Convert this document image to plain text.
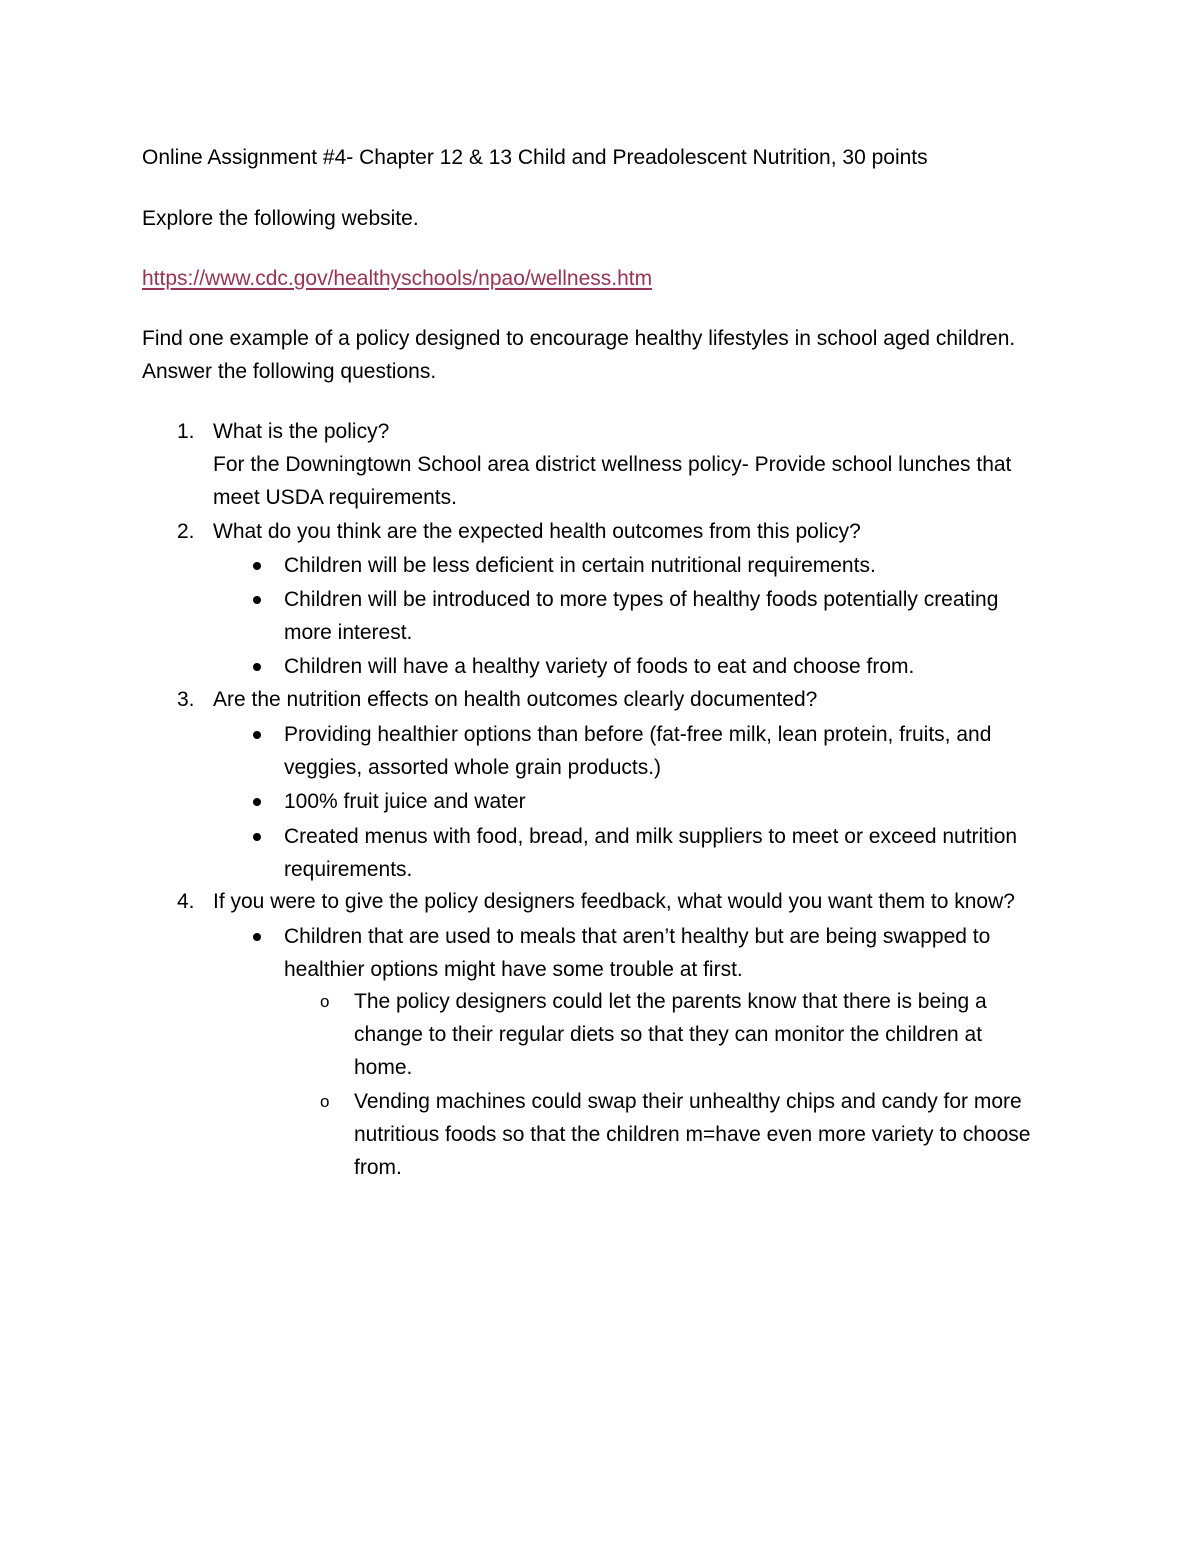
Online Assignment #4- Chapter 12 & 13 Child and Preadolescent Nutrition, 30 points
Explore the following website.
https://www.cdc.gov/healthyschools/npao/wellness.htm
Find one example of a policy designed to encourage healthy lifestyles in school aged children.
Answer the following questions.
1. What is the policy?
For the Downingtown School area district wellness policy- Provide school lunches that
meet USDA requirements.
2. What do you think are the expected health outcomes from this policy?
Children will be less deficient in certain nutritional requirements.
Children will be introduced to more types of healthy foods potentially creating
more interest.
Children will have a healthy variety of foods to eat and choose from.
3. Are the nutrition effects on health outcomes clearly documented?
Providing healthier options than before (fat-free milk, lean protein, fruits, and
veggies, assorted whole grain products.)
100% fruit juice and water
Created menus with food, bread, and milk suppliers to meet or exceed nutrition
requirements.
4. If you were to give the policy designers feedback, what would you want them to know?
Children that are used to meals that aren’t healthy but are being swapped to
healthier options might have some trouble at first.
o The policy designers could let the parents know that there is being a
change to their regular diets so that they can monitor the children at
home.
o Vending machines could swap their unhealthy chips and candy for more
nutritious foods so that the children m=have even more variety to choose
from.
